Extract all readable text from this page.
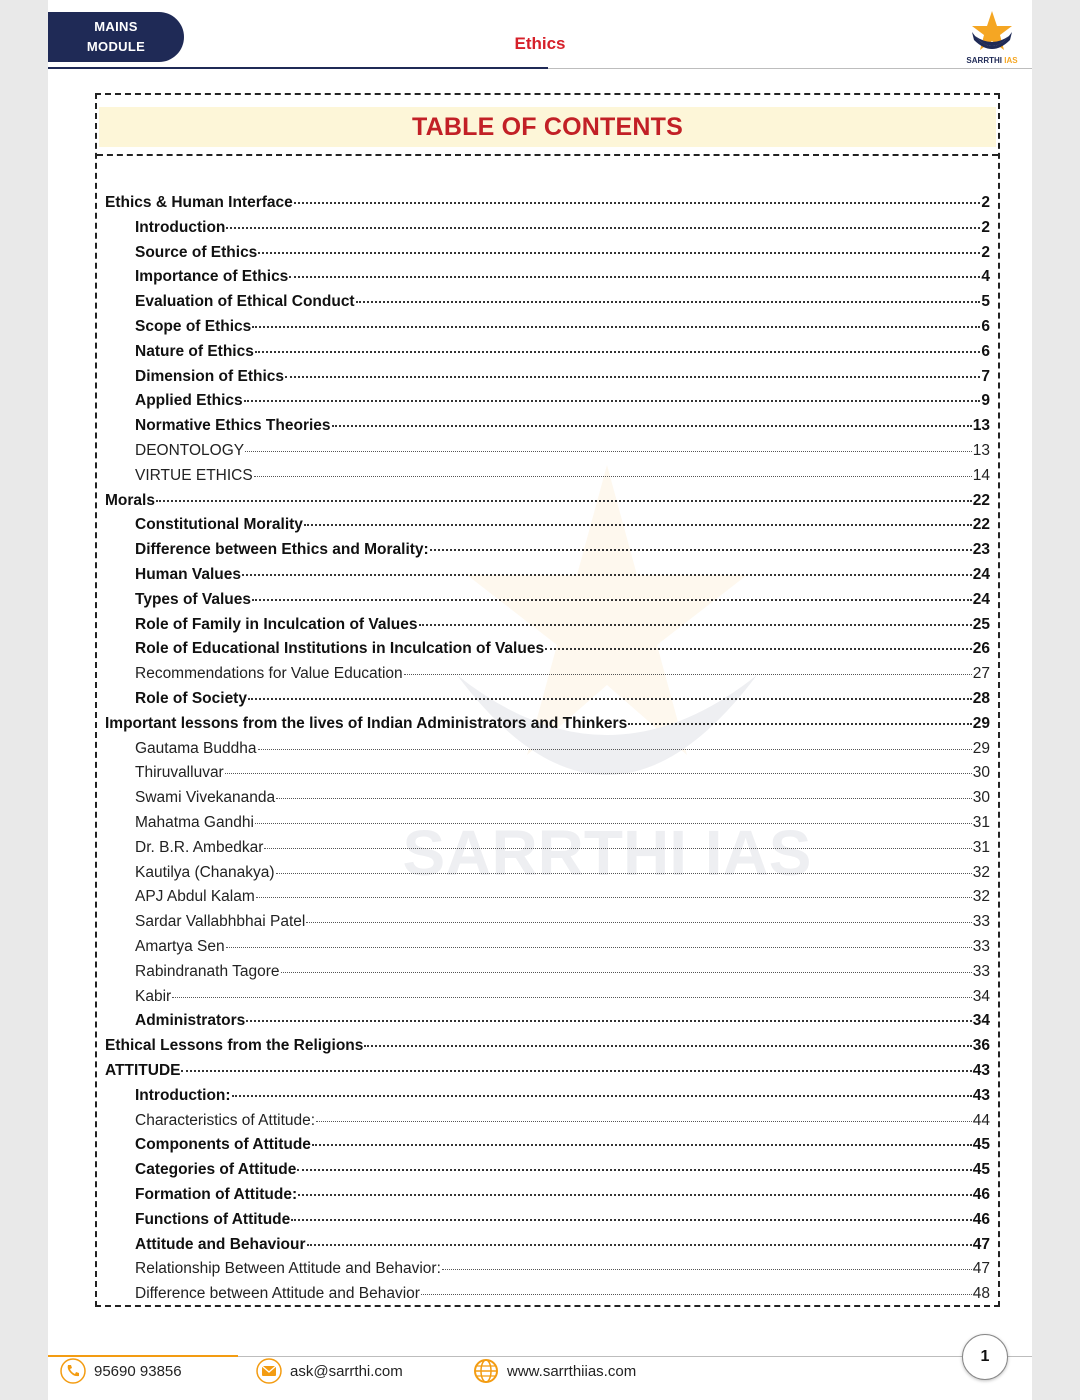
MAINS
MODULE	Ethics
SARRTHI IAS
TABLE OF CONTENTS
SARRTHI IAS
Ethics & Human Interface	2
Introduction	2
Source of Ethics	2
Importance of Ethics	4
Evaluation of Ethical Conduct	5
Scope of Ethics	6
Nature of Ethics	6
Dimension of Ethics	7
Applied Ethics	9
Normative Ethics Theories	13
DEONTOLOGY	13
VIRTUE ETHICS	14
Morals	22
Constitutional Morality	22
Difference between Ethics and Morality:	23
Human Values	24
Types of Values	24
Role of Family in Inculcation of Values	25
Role of Educational Institutions in Inculcation of Values	26
Recommendations for Value Education	27
Role of Society	28
Important lessons from the lives of Indian Administrators and Thinkers	29
Gautama Buddha	29
Thiruvalluvar	30
Swami Vivekananda	30
Mahatma Gandhi	31
Dr. B.R. Ambedkar	31
Kautilya (Chanakya)	32
APJ Abdul Kalam	32
Sardar Vallabhbhai Patel	33
Amartya Sen	33
Rabindranath Tagore	33
Kabir	34
Administrators	34
Ethical Lessons from the Religions	36
ATTITUDE	43
Introduction:	43
Characteristics of Attitude:	44
Components of Attitude	45
Categories of Attitude	45
Formation of Attitude:	46
Functions of Attitude	46
Attitude and Behaviour	47
Relationship Between Attitude and Behavior:	47
Difference between Attitude and Behavior	48
1
95690 93856	ask@sarrthi.com	www.sarrthiias.com
